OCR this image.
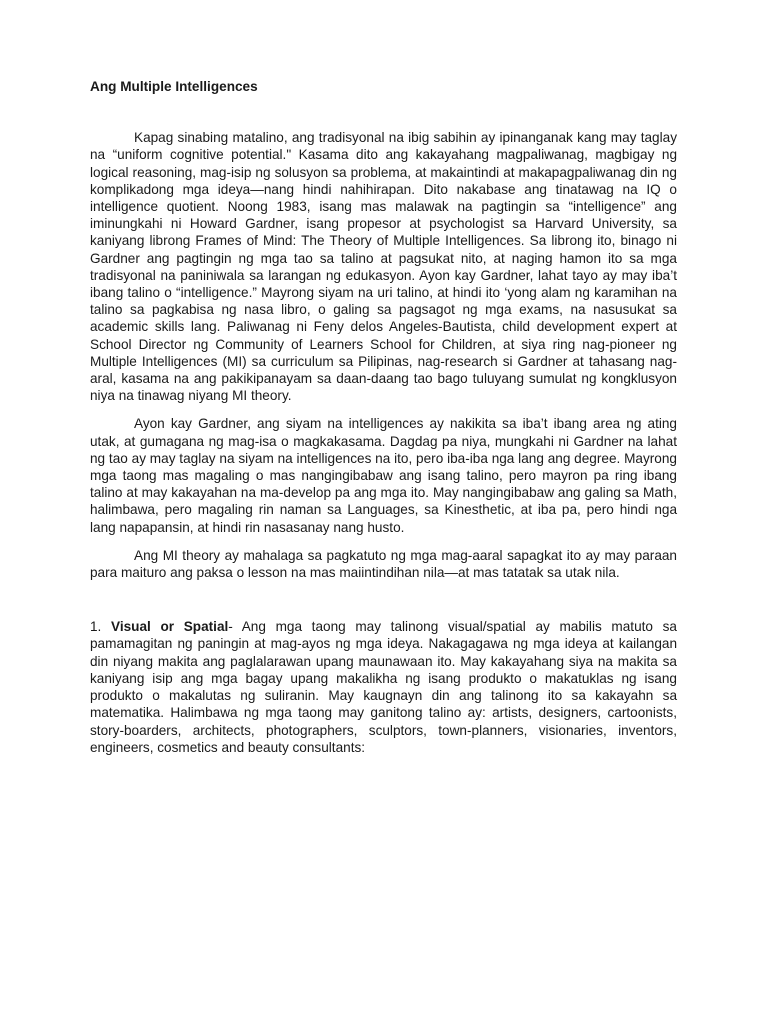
Ang Multiple Intelligences

Kapag sinabing matalino, ang tradisyonal na ibig sabihin ay ipinanganak kang may taglay na “uniform cognitive potential." Kasama dito ang kakayahang magpaliwanag, magbigay ng logical reasoning, mag-isip ng solusyon sa problema, at makaintindi at makapagpaliwanag din ng komplikadong mga ideya—nang hindi nahihirapan. Dito nakabase ang tinatawag na IQ o intelligence quotient. Noong 1983, isang mas malawak na pagtingin sa “intelligence” ang iminungkahi ni Howard Gardner, isang propesor at psychologist sa Harvard University, sa kaniyang librong Frames of Mind: The Theory of Multiple Intelligences. Sa librong ito, binago ni Gardner ang pagtingin ng mga tao sa talino at pagsukat nito, at naging hamon ito sa mga tradisyonal na paniniwala sa larangan ng edukasyon. Ayon kay Gardner, lahat tayo ay may iba’t ibang talino o “intelligence.” Mayrong siyam na uri talino, at hindi ito ‘yong alam ng karamihan na talino sa pagkabisa ng nasa libro, o galing sa pagsagot ng mga exams, na nasusukat sa academic skills lang. Paliwanag ni Feny delos Angeles-Bautista, child development expert at School Director ng Community of Learners School for Children, at siya ring nag-pioneer ng Multiple Intelligences (MI) sa curriculum sa Pilipinas, nag-research si Gardner at tahasang nag-aral, kasama na ang pakikipanayam sa daan-daang tao bago tuluyang sumulat ng kongklusyon niya na tinawag niyang MI theory.

Ayon kay Gardner, ang siyam na intelligences ay nakikita sa iba’t ibang area ng ating utak, at gumagana ng mag-isa o magkakasama. Dagdag pa niya, mungkahi ni Gardner na lahat ng tao ay may taglay na siyam na intelligences na ito, pero iba-iba nga lang ang degree. Mayrong mga taong mas magaling o mas nangingibabaw ang isang talino, pero mayron pa ring ibang talino at may kakayahan na ma-develop pa ang mga ito. May nangingibabaw ang galing sa Math, halimbawa, pero magaling rin naman sa Languages, sa Kinesthetic, at iba pa, pero hindi nga lang napapansin, at hindi rin nasasanay nang husto.

Ang MI theory ay mahalaga sa pagkatuto ng mga mag-aaral sapagkat ito ay may paraan para maituro ang paksa o lesson na mas maiintindihan nila—at mas tatatak sa utak nila.

1. Visual or Spatial- Ang mga taong may talinong visual/spatial ay mabilis matuto sa pamamagitan ng paningin at mag-ayos ng mga ideya. Nakagagawa ng mga ideya at kailangan din niyang makita ang paglalarawan upang maunawaan ito. May kakayahang siya na makita sa kaniyang isip ang mga bagay upang makalikha ng isang produkto o makatuklas ng isang produkto o makalutas ng suliranin. May kaugnayn din ang talinong ito sa kakayahn sa matematika. Halimbawa ng mga taong may ganitong talino ay: artists, designers, cartoonists, story-boarders, architects, photographers, sculptors, town-planners, visionaries, inventors, engineers, cosmetics and beauty consultants:
